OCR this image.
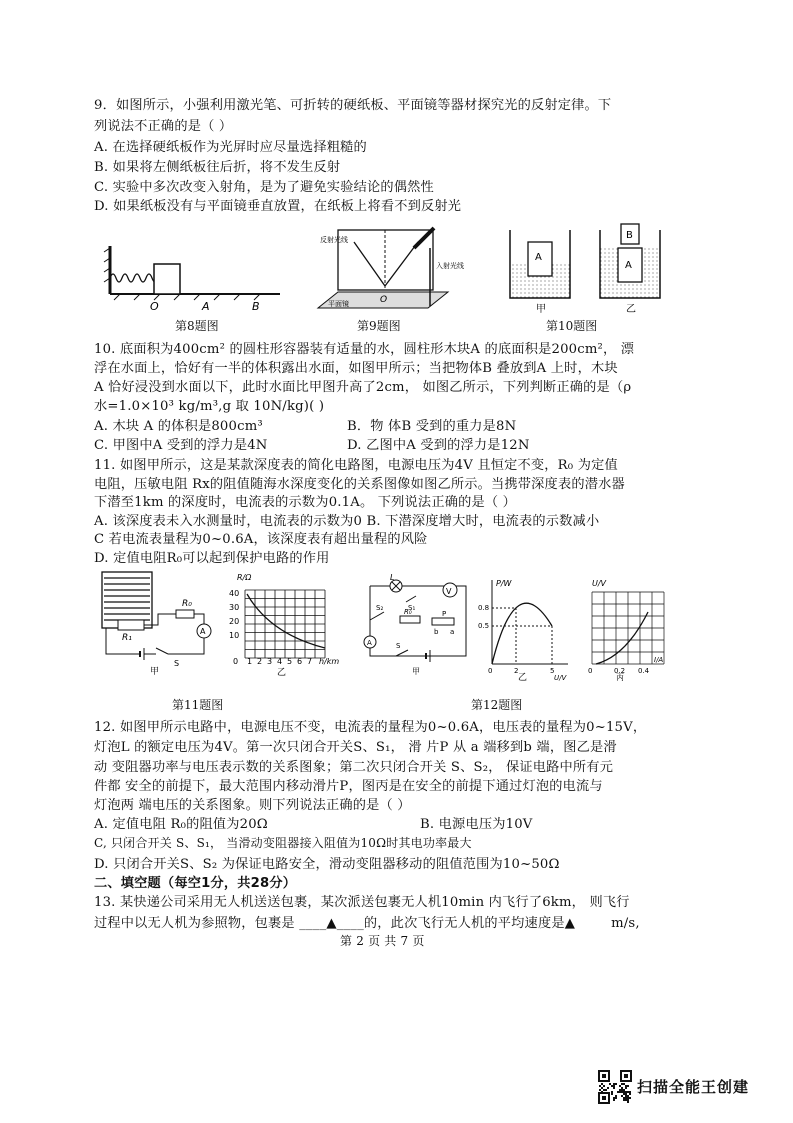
9．如图所示，小强利用激光笔、可折转的硬纸板、平面镜等器材探究光的反射定律。下
列说法不正确的是（ ）
A. 在选择硬纸板作为光屏时应尽量选择粗糙的
B. 如果将左侧纸板往后折，将不发生反射
C. 实验中多次改变入射角，是为了避免实验结论的偶然性
D. 如果纸板没有与平面镜垂直放置，在纸板上将看不到反射光
O	A	B
第8题图
反射光线
入射光线
O
平面镜
第9题图
A
B
A
甲	乙
第10题图
10. 底面积为400cm² 的圆柱形容器装有适量的水，圆柱形木块A 的底面积是200cm²， 漂
浮在水面上，恰好有一半的体积露出水面，如图甲所示；当把物体B 叠放到A 上时，木块
A 恰好浸没到水面以下，此时水面比甲图升高了2cm， 如图乙所示，下列判断正确的是（ρ
水=1.0×10³ kg/m³,g 取 10N/kg)( )
A. 木块 A 的体积是800cm³	B．物 体B 受到的重力是8N
C. 甲图中A 受到的浮力是4N	D. 乙图中A 受到的浮力是12N
11. 如图甲所示，这是某款深度表的简化电路图，电源电压为4V 且恒定不变，R₀ 为定值
电阻，压敏电阻 Rx的阻值随海水深度变化的关系图像如图乙所示。当携带深度表的潜水器
下潜至1km 的深度时，电流表的示数为0.1A。 下列说法正确的是（ ）
A. 该深度表未入水测量时，电流表的示数为0 B. 下潜深度增大时，电流表的示数减小
C 若电流表量程为0~0.6A，该深度表有超出量程的风险
D. 定值电阻R₀可以起到保护电路的作用
R₀
A
R₁
S
甲
R/Ω
40
30
20
10
0 1 2 3 4 5 6 7 h/km
乙
第11题图
L
V
S₁
R₀	P
S₂
b a
A	S
甲
P/W
0.8
0.5
0	2	5
U/V
乙
U/V
0	0.2 0.4
I/A
丙
第12题图
12. 如图甲所示电路中，电源电压不变，电流表的量程为0~0.6A，电压表的量程为0~15V，
灯泡L 的额定电压为4V。第一次只闭合开关S、S₁， 滑 片P 从 a 端移到b 端，图乙是滑
动 变阻器功率与电压表示数的关系图象；第二次只闭合开关 S、S₂， 保证电路中所有元
件都 安全的前提下，最大范围内移动滑片P，图丙是在安全的前提下通过灯泡的电流与
灯泡两 端电压的关系图象。则下列说法正确的是（ ）
A. 定值电阻 R₀的阻值为20Ω	B. 电源电压为10V
C, 只闭合开关 S、S₁， 当滑动变阻器接入阻值为10Ω时其电功率最大
D. 只闭合开关S、S₂ 为保证电路安全，滑动变阻器移动的阻值范围为10~50Ω
二、填空题（每空1分，共28分）
13. 某快递公司采用无人机送送包裹，某次派送包裹无人机10min 内飞行了6km， 则飞行
过程中以无人机为参照物，包裹是 ____▲____的，此次飞行无人机的平均速度是▲	m/s,
第 2 页 共 7 页
扫描全能王创建
